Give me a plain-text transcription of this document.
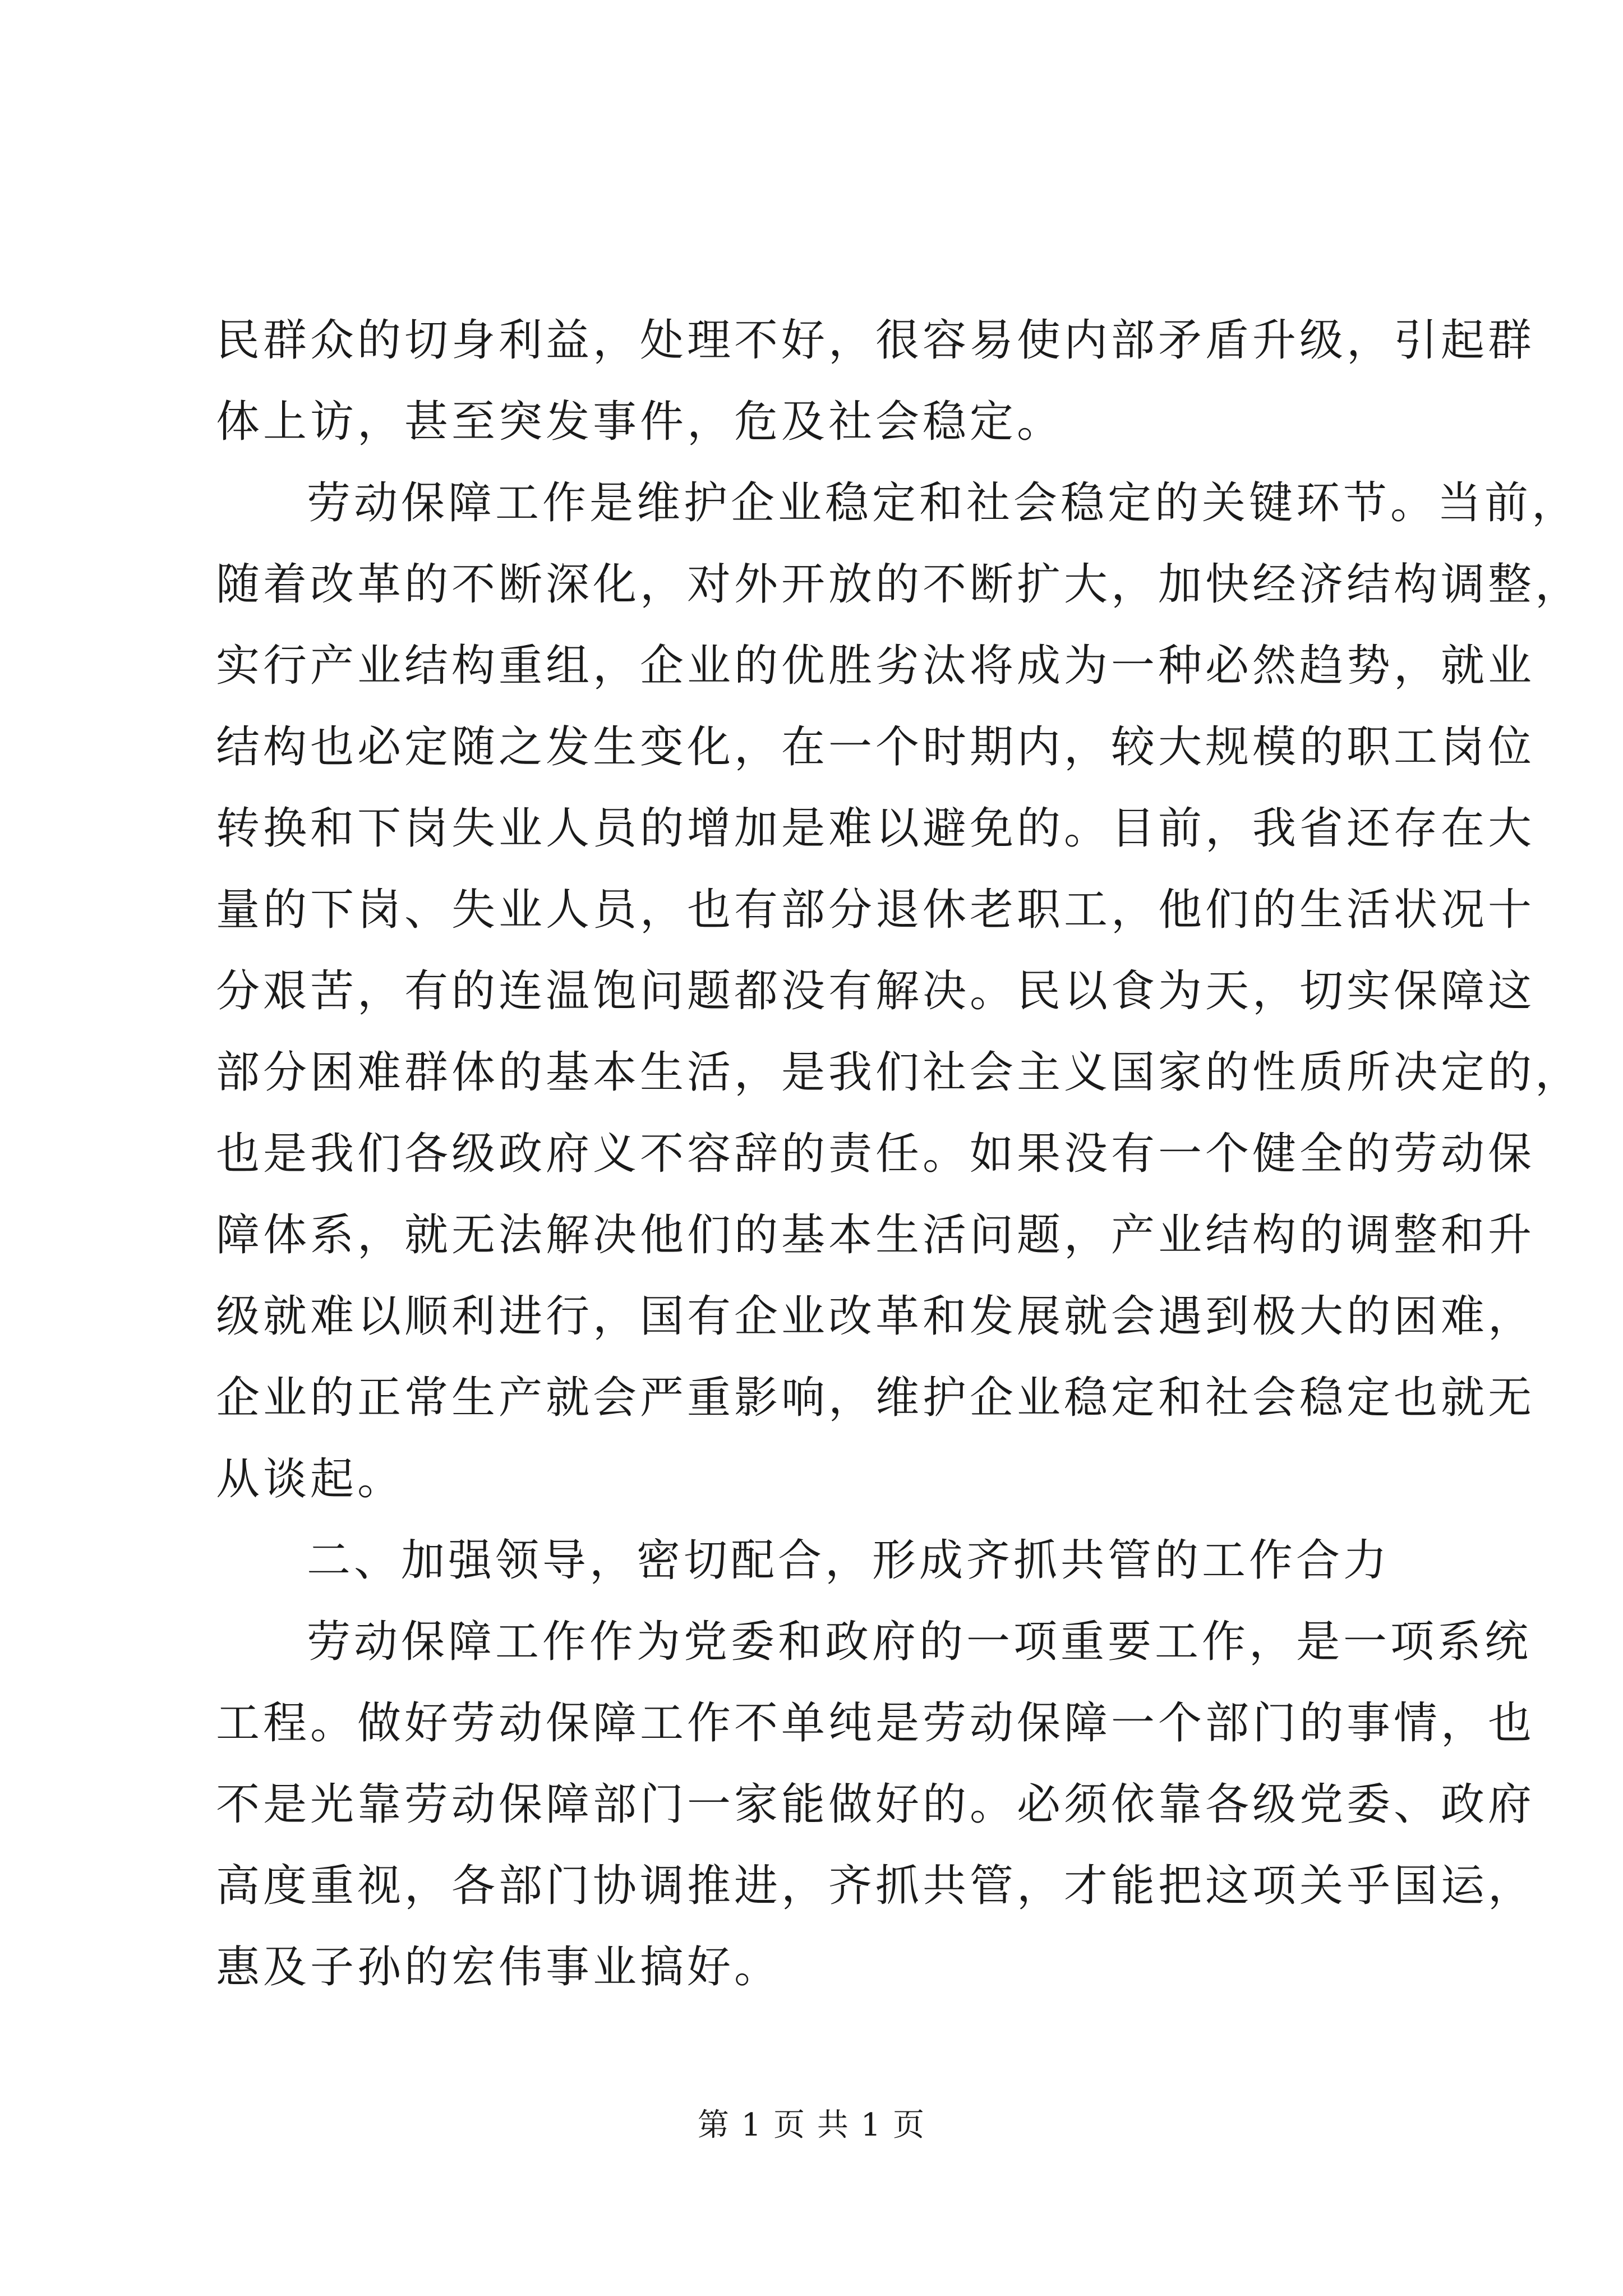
民群众的切身利益，处理不好，很容易使内部矛盾升级，引起群
体上访，甚至突发事件，危及社会稳定。
劳动保障工作是维护企业稳定和社会稳定的关键环节。当前，
随着改革的不断深化，对外开放的不断扩大，加快经济结构调整，
实行产业结构重组，企业的优胜劣汰将成为一种必然趋势，就业
结构也必定随之发生变化，在一个时期内，较大规模的职工岗位
转换和下岗失业人员的增加是难以避免的。目前，我省还存在大
量的下岗、失业人员，也有部分退休老职工，他们的生活状况十
分艰苦，有的连温饱问题都没有解决。民以食为天，切实保障这
部分困难群体的基本生活，是我们社会主义国家的性质所决定的，
也是我们各级政府义不容辞的责任。如果没有一个健全的劳动保
障体系，就无法解决他们的基本生活问题，产业结构的调整和升
级就难以顺利进行，国有企业改革和发展就会遇到极大的困难，
企业的正常生产就会严重影响，维护企业稳定和社会稳定也就无
从谈起。
二、加强领导，密切配合，形成齐抓共管的工作合力
劳动保障工作作为党委和政府的一项重要工作，是一项系统
工程。做好劳动保障工作不单纯是劳动保障一个部门的事情，也
不是光靠劳动保障部门一家能做好的。必须依靠各级党委、政府
高度重视，各部门协调推进，齐抓共管，才能把这项关乎国运，
惠及子孙的宏伟事业搞好。
第 1 页 共 1 页
